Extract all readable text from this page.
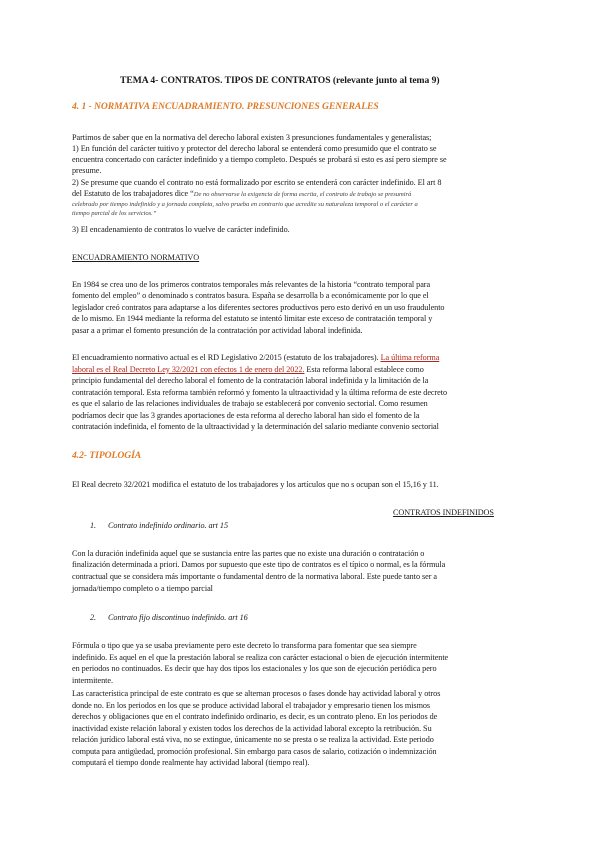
TEMA 4- CONTRATOS. TIPOS DE CONTRATOS (relevante junto al tema 9)
4. 1 - NORMATIVA ENCUADRAMIENTO. PRESUNCIONES GENERALES
Partimos de saber que en la normativa del derecho laboral existen 3 presunciones fundamentales y generalistas;
1) En función del carácter tuitivo y protector del derecho laboral se entenderá como presumido que el contrato se
encuentra concertado con carácter indefinido y a tiempo completo. Después se probará si esto es así pero siempre se
presume.
2) Se presume que cuando el contrato no está formalizado por escrito se entenderá con carácter indefinido. El art 8
del Estatuto de los trabajadores dice “De no observarse la exigencia de forma escrita, el contrato de trabajo se presumirá
celebrado por tiempo indefinido y a jornada completa, salvo prueba en contrario que acredite su naturaleza temporal o el carácter a
tiempo parcial de los servicios.”
3) El encadenamiento de contratos lo vuelve de carácter indefinido.
ENCUADRAMIENTO NORMATIVO
En 1984 se crea uno de los primeros contratos temporales más relevantes de la historia “contrato temporal para
fomento del empleo” o denominado s contratos basura. España se desarrolla b a económicamente por lo que el
legislador creó contratos para adaptarse a los diferentes sectores productivos pero esto derivó en un uso fraudulento
de lo mismo. En 1944 mediante la reforma del estatuto se intentó limitar este exceso de contratación temporal y
pasar a a primar el fomento presunción de la contratación por actividad laboral indefinida.
El encuadramiento normativo actual es el RD Legislativo 2/2015 (estatuto de los trabajadores). La última reforma
laboral es el Real Decreto Ley 32/2021 con efectos 1 de enero del 2022. Esta reforma laboral establece como
principio fundamental del derecho laboral el fomento de la contratación laboral indefinida y la limitación de la
contratación temporal. Esta reforma también reformó y fomento la ultraactividad y la última reforma de este decreto
es que el salario de las relaciones individuales de trabajo se establecerá por convenio sectorial. Como resumen
podríamos decir que las 3 grandes aportaciones de esta reforma al derecho laboral han sido el fomento de la
contratación indefinida, el fomento de la ultraactividad y la determinación del salario mediante convenio sectorial
4.2- TIPOLOGÍA
El Real decreto 32/2021 modifica el estatuto de los trabajadores y los artículos que no s ocupan son el 15,16 y 11.
CONTRATOS INDEFINIDOS
1. Contrato indefinido ordinario. art 15
Con la duración indefinida aquel que se sustancia entre las partes que no existe una duración o contratación o
finalización determinada a priori. Damos por supuesto que este tipo de contratos es el típico o normal, es la fórmula
contractual que se considera más importante o fundamental dentro de la normativa laboral. Este puede tanto ser a
jornada/tiempo completo o a tiempo parcial
2. Contrato fijo discontinuo indefinido. art 16
Fórmula o tipo que ya se usaba previamente pero este decreto lo transforma para fomentar que sea siempre
indefinido. Es aquel en el que la prestación laboral se realiza con carácter estacional o bien de ejecución intermitente
en periodos no continuados. Es decir que hay dos tipos los estacionales y los que son de ejecución periódica pero
intermitente.
Las característica principal de este contrato es que se alternan procesos o fases donde hay actividad laboral y otros
donde no. En los periodos en los que se produce actividad laboral el trabajador y empresario tienen los mismos
derechos y obligaciones que en el contrato indefinido ordinario, es decir, es un contrato pleno. En los periodos de
inactividad existe relación laboral y existen todos los derechos de la actividad laboral excepto la retribución. Su
relación jurídico laboral está viva, no se extingue, únicamente no se presta o se realiza la actividad. Este periodo
computa para antigüedad, promoción profesional. Sin embargo para casos de salario, cotización o indemnización
computará el tiempo donde realmente hay actividad laboral (tiempo real).
